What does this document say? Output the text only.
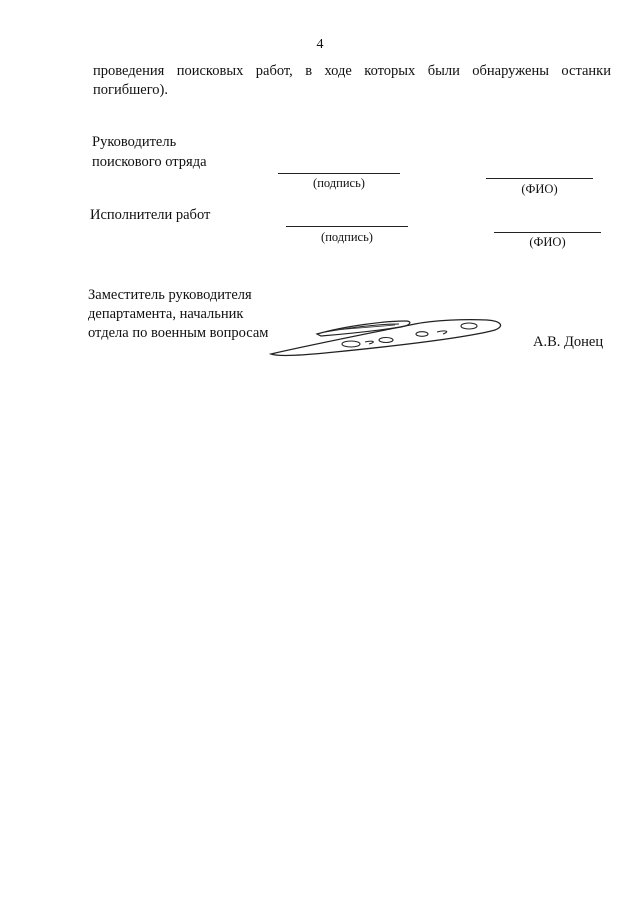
4
проведения поисковых работ, в ходе которых были обнаружены останки погибшего).
Руководитель
поискового отряда
(подпись)	(ФИО)
Исполнители работ
(подпись)	(ФИО)
Заместитель руководителя
департамента, начальник
отдела по военным вопросам
А.В. Донец
